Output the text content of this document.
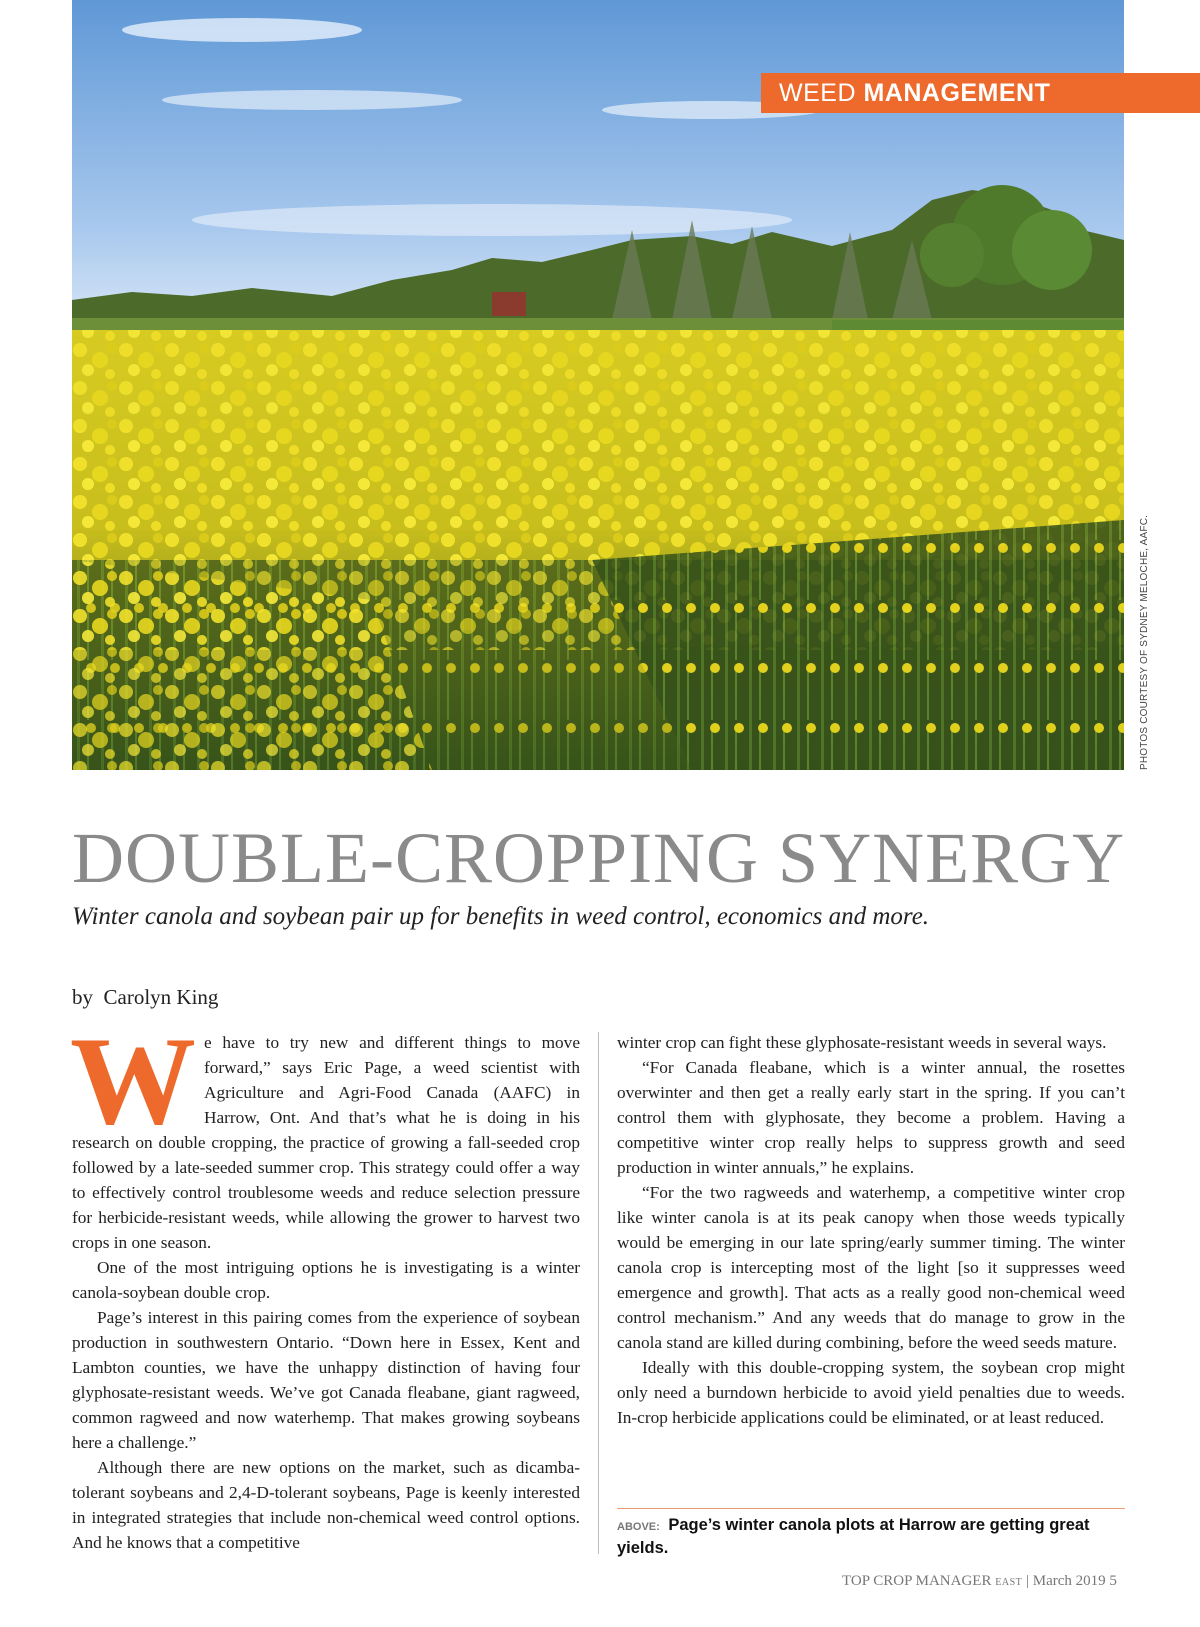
WEED MANAGEMENT
PHOTOS COURTESY OF SYDNEY MELOCHE, AAFC.
DOUBLE-CROPPING SYNERGY
Winter canola and soybean pair up for benefits in weed control, economics and more.
by Carolyn King

We have to try new and different things to move forward,” says Eric Page, a weed scientist with Agriculture and Agri-Food Canada (AAFC) in Harrow, Ont. And that’s what he is doing in his research on double cropping, the practice of growing a fall-seeded crop followed by a late-seeded summer crop. This strategy could offer a way to effectively control troublesome weeds and reduce selection pressure for herbicide-resistant weeds, while allowing the grower to harvest two crops in one season.

One of the most intriguing options he is investigating is a winter canola-soybean double crop.

Page’s interest in this pairing comes from the experience of soybean production in southwestern Ontario. “Down here in Essex, Kent and Lambton counties, we have the unhappy distinction of having four glyphosate-resistant weeds. We’ve got Canada fleabane, giant ragweed, common ragweed and now waterhemp. That makes growing soybeans here a challenge.”

Although there are new options on the market, such as dicamba-tolerant soybeans and 2,4-D-tolerant soybeans, Page is keenly interested in integrated strategies that include non-chemical weed control options. And he knows that a competitive

winter crop can fight these glyphosate-resistant weeds in several ways.

“For Canada fleabane, which is a winter annual, the rosettes overwinter and then get a really early start in the spring. If you can’t control them with glyphosate, they become a problem. Having a competitive winter crop really helps to suppress growth and seed production in winter annuals,” he explains.

“For the two ragweeds and waterhemp, a competitive winter crop like winter canola is at its peak canopy when those weeds typically would be emerging in our late spring/early summer timing. The winter canola crop is intercepting most of the light [so it suppresses weed emergence and growth]. That acts as a really good non-chemical weed control mechanism.” And any weeds that do manage to grow in the canola stand are killed during combining, before the weed seeds mature.

Ideally with this double-cropping system, the soybean crop might only need a burndown herbicide to avoid yield penalties due to weeds. In-crop herbicide applications could be eliminated, or at least reduced.

ABOVE: Page’s winter canola plots at Harrow are getting great yields.
TOP CROP MANAGER EAST | March 2019 5
